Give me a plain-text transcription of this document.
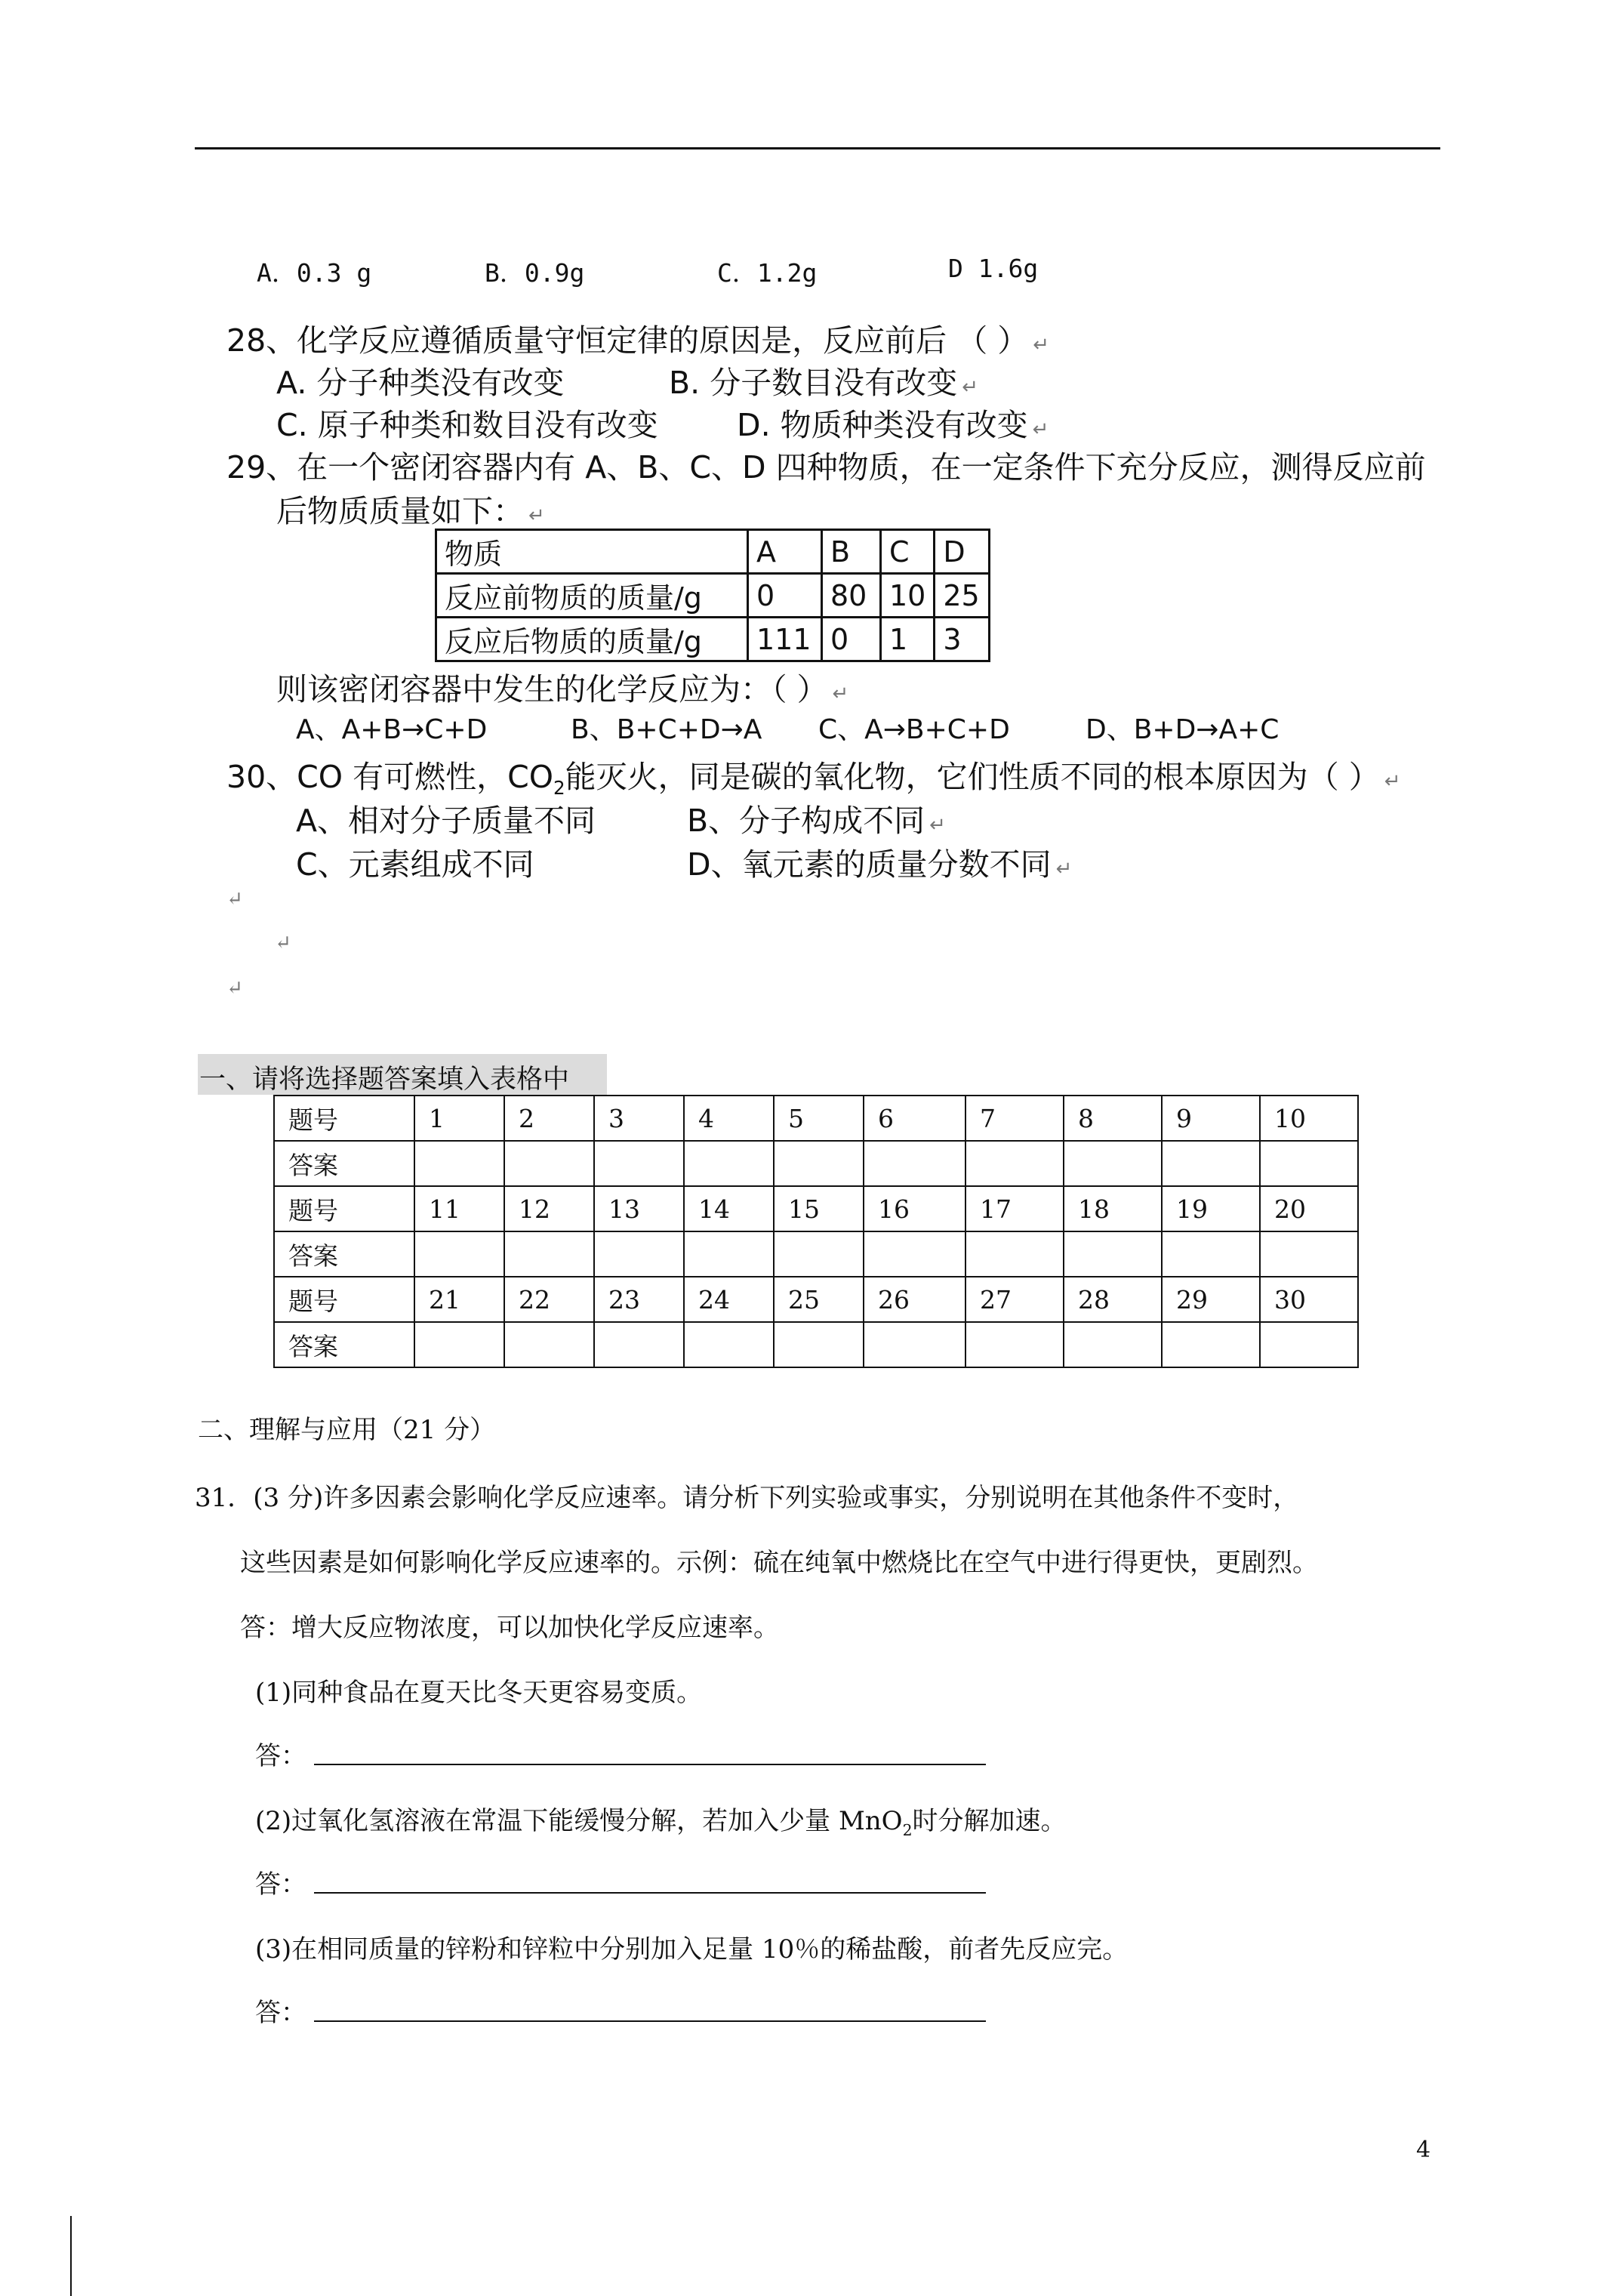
A．0.3 g	B．0.9g	C．1.2g	D 1.6g
28、化学反应遵循质量守恒定律的原因是，反应前后 （ ） ↵
A. 分子种类没有改变	B. 分子数目没有改变 ↵
C. 原子种类和数目没有改变	D. 物质种类没有改变 ↵
29、在一个密闭容器内有 A、B、C、D 四种物质，在一定条件下充分反应，测得反应前
后物质质量如下： ↵
物质	A	B	C	D
反应前物质的质量/g	0	80	10	25
反应后物质的质量/g	111	0	1	3
则该密闭容器中发生的化学反应为：（ ） ↵
A、A+B→C+D	B、B+C+D→A C、A→B+C+D	D、B+D→A+C
30、CO 有可燃性，$CO_2$能灭火，同是碳的氧化物，它们性质不同的根本原因为（ ） ↵
A、相对分子质量不同	B、分子构成不同 ↵
C、元素组成不同	D、氧元素的质量分数不同 ↵
↵
↵
↵
一、请将选择题答案填入表格中
题号	1	2	3	4	5	6	7	8	9	10
答案										
题号	11	12	13	14	15	16	17	18	19	20
答案										
题号	21	22	23	24	25	26	27	28	29	30
答案										
二、理解与应用（21 分）
31．(3 分)许多因素会影响化学反应速率。请分析下列实验或事实，分别说明在其他条件不变时，
这些因素是如何影响化学反应速率的。示例：硫在纯氧中燃烧比在空气中进行得更快，更剧烈。
答：增大反应物浓度，可以加快化学反应速率。
(1)同种食品在夏天比冬天更容易变质。
答：
(2)过氧化氢溶液在常温下能缓慢分解，若加入少量 MnO$_2$时分解加速。
答：
(3)在相同质量的锌粉和锌粒中分别加入足量 10％的稀盐酸，前者先反应完。
答：
4
